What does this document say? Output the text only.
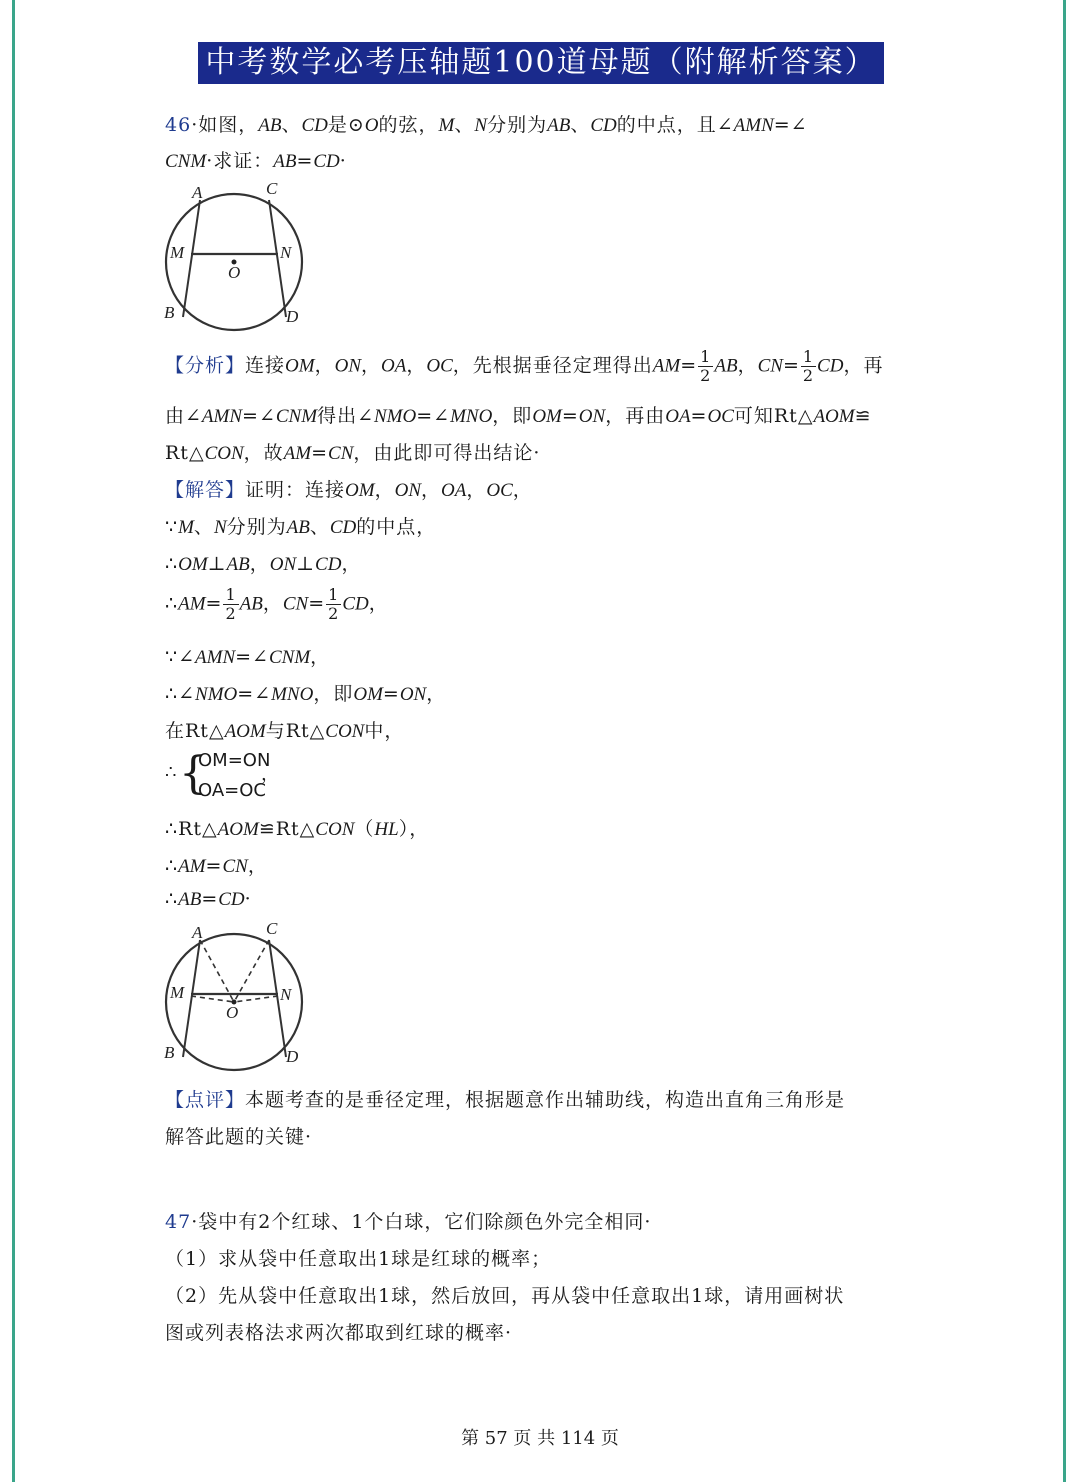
中考数学必考压轴题100道母题（附解析答案）
46·如图，AB、CD是⊙O的弦，M、N分别为AB、CD的中点，且∠AMN=∠
CNM·求证：AB=CD·
A	C
M	N
O
B	D
【分析】连接OM，ON，OA，OC，先根据垂径定理得出$AM= \frac{1}{2}$ AB，$CN= \frac{1}{2}$ CD，再
由∠AMN=∠CNM得出∠NMO=∠MNO，即OM=ON，再由OA=OC可知Rt△AOM≌
Rt△CON，故AM=CN，由此即可得出结论·
【解答】证明：连接OM，ON，OA，OC，
∵M、N分别为AB、CD的中点，
∴OM⊥AB，ON⊥CD，
∴AM= $\frac{1}{2}$ AB，$CN= \frac{1}{2}$ CD，
∵∠AMN=∠CNM，
∴∠NMO=∠MNO，即OM=ON，
在Rt△AOM与Rt△CON中，
∴ {
OM=ON
OA=OC
，
∴Rt△AOM≌Rt△CON（HL），
∴AM=CN，
∴AB=CD·
A	C
M	N
O
B	D
【点评】本题考查的是垂径定理，根据题意作出辅助线，构造出直角三角形是
解答此题的关键·
47·袋中有2个红球、1个白球，它们除颜色外完全相同·
（1）求从袋中任意取出1球是红球的概率；
（2）先从袋中任意取出1球，然后放回，再从袋中任意取出1球，请用画树状
图或列表格法求两次都取到红球的概率·
第 57 页 共 114 页
